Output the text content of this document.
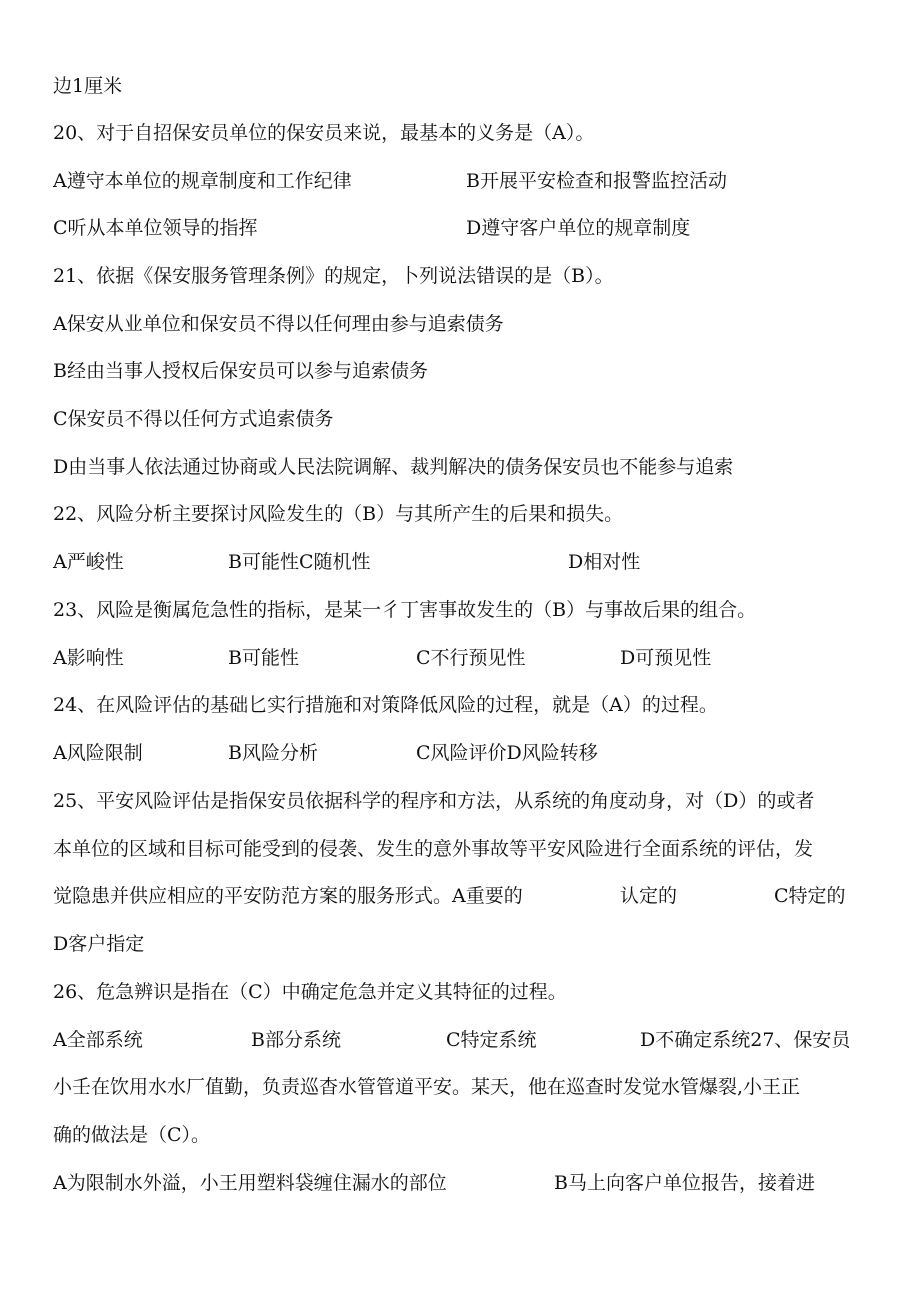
边1厘米
20、对于自招保安员单位的保安员来说，最基本的义务是（A）。
A遵守本单位的规章制度和工作纪律	B开展平安检查和报警监控活动
C听从本单位领导的指挥	D遵守客户单位的规章制度
21、依据《保安服务管理条例》的规定，卜列说法错误的是（B）。
A保安从业单位和保安员不得以任何理由参与追索债务
B经由当事人授权后保安员可以参与追索债务
C保安员不得以任何方式追索债务
D由当事人依法通过协商或人民法院调解、裁判解决的债务保安员也不能参与追索
22、风险分析主要探讨风险发生的（B）与其所产生的后果和损失。
A严峻性	B可能性C随机性	D相对性
23、风险是衡属危急性的指标，是某一彳丁害事故发生的（B）与事故后果的组合。
A影响性	B可能性	C不行预见性	D可预见性
24、在风险评估的基础匕实行措施和对策降低风险的过程，就是（A）的过程。
A风险限制	B风险分析	C风险评价D风险转移
25、平安风险评估是指保安员依据科学的程序和方法，从系统的角度动身，对（D）的或者
本单位的区域和目标可能受到的侵袭、发生的意外事故等平安风险进行全面系统的评估，发
觉隐患并供应相应的平安防范方案的服务形式。A重要的	认定的	C特定的
D客户指定
26、危急辨识是指在（C）中确定危急并定义其特征的过程。
A全部系统	B部分系统	C特定系统	D不确定系统27、保安员
小壬在饮用水水厂值勤，负责巡杳水管管道平安。某天，他在巡查时发觉水管爆裂,小王正
确的做法是（C）。
A为限制水外溢，小王用塑料袋缠住漏水的部位	B马上向客户单位报告，接着进
